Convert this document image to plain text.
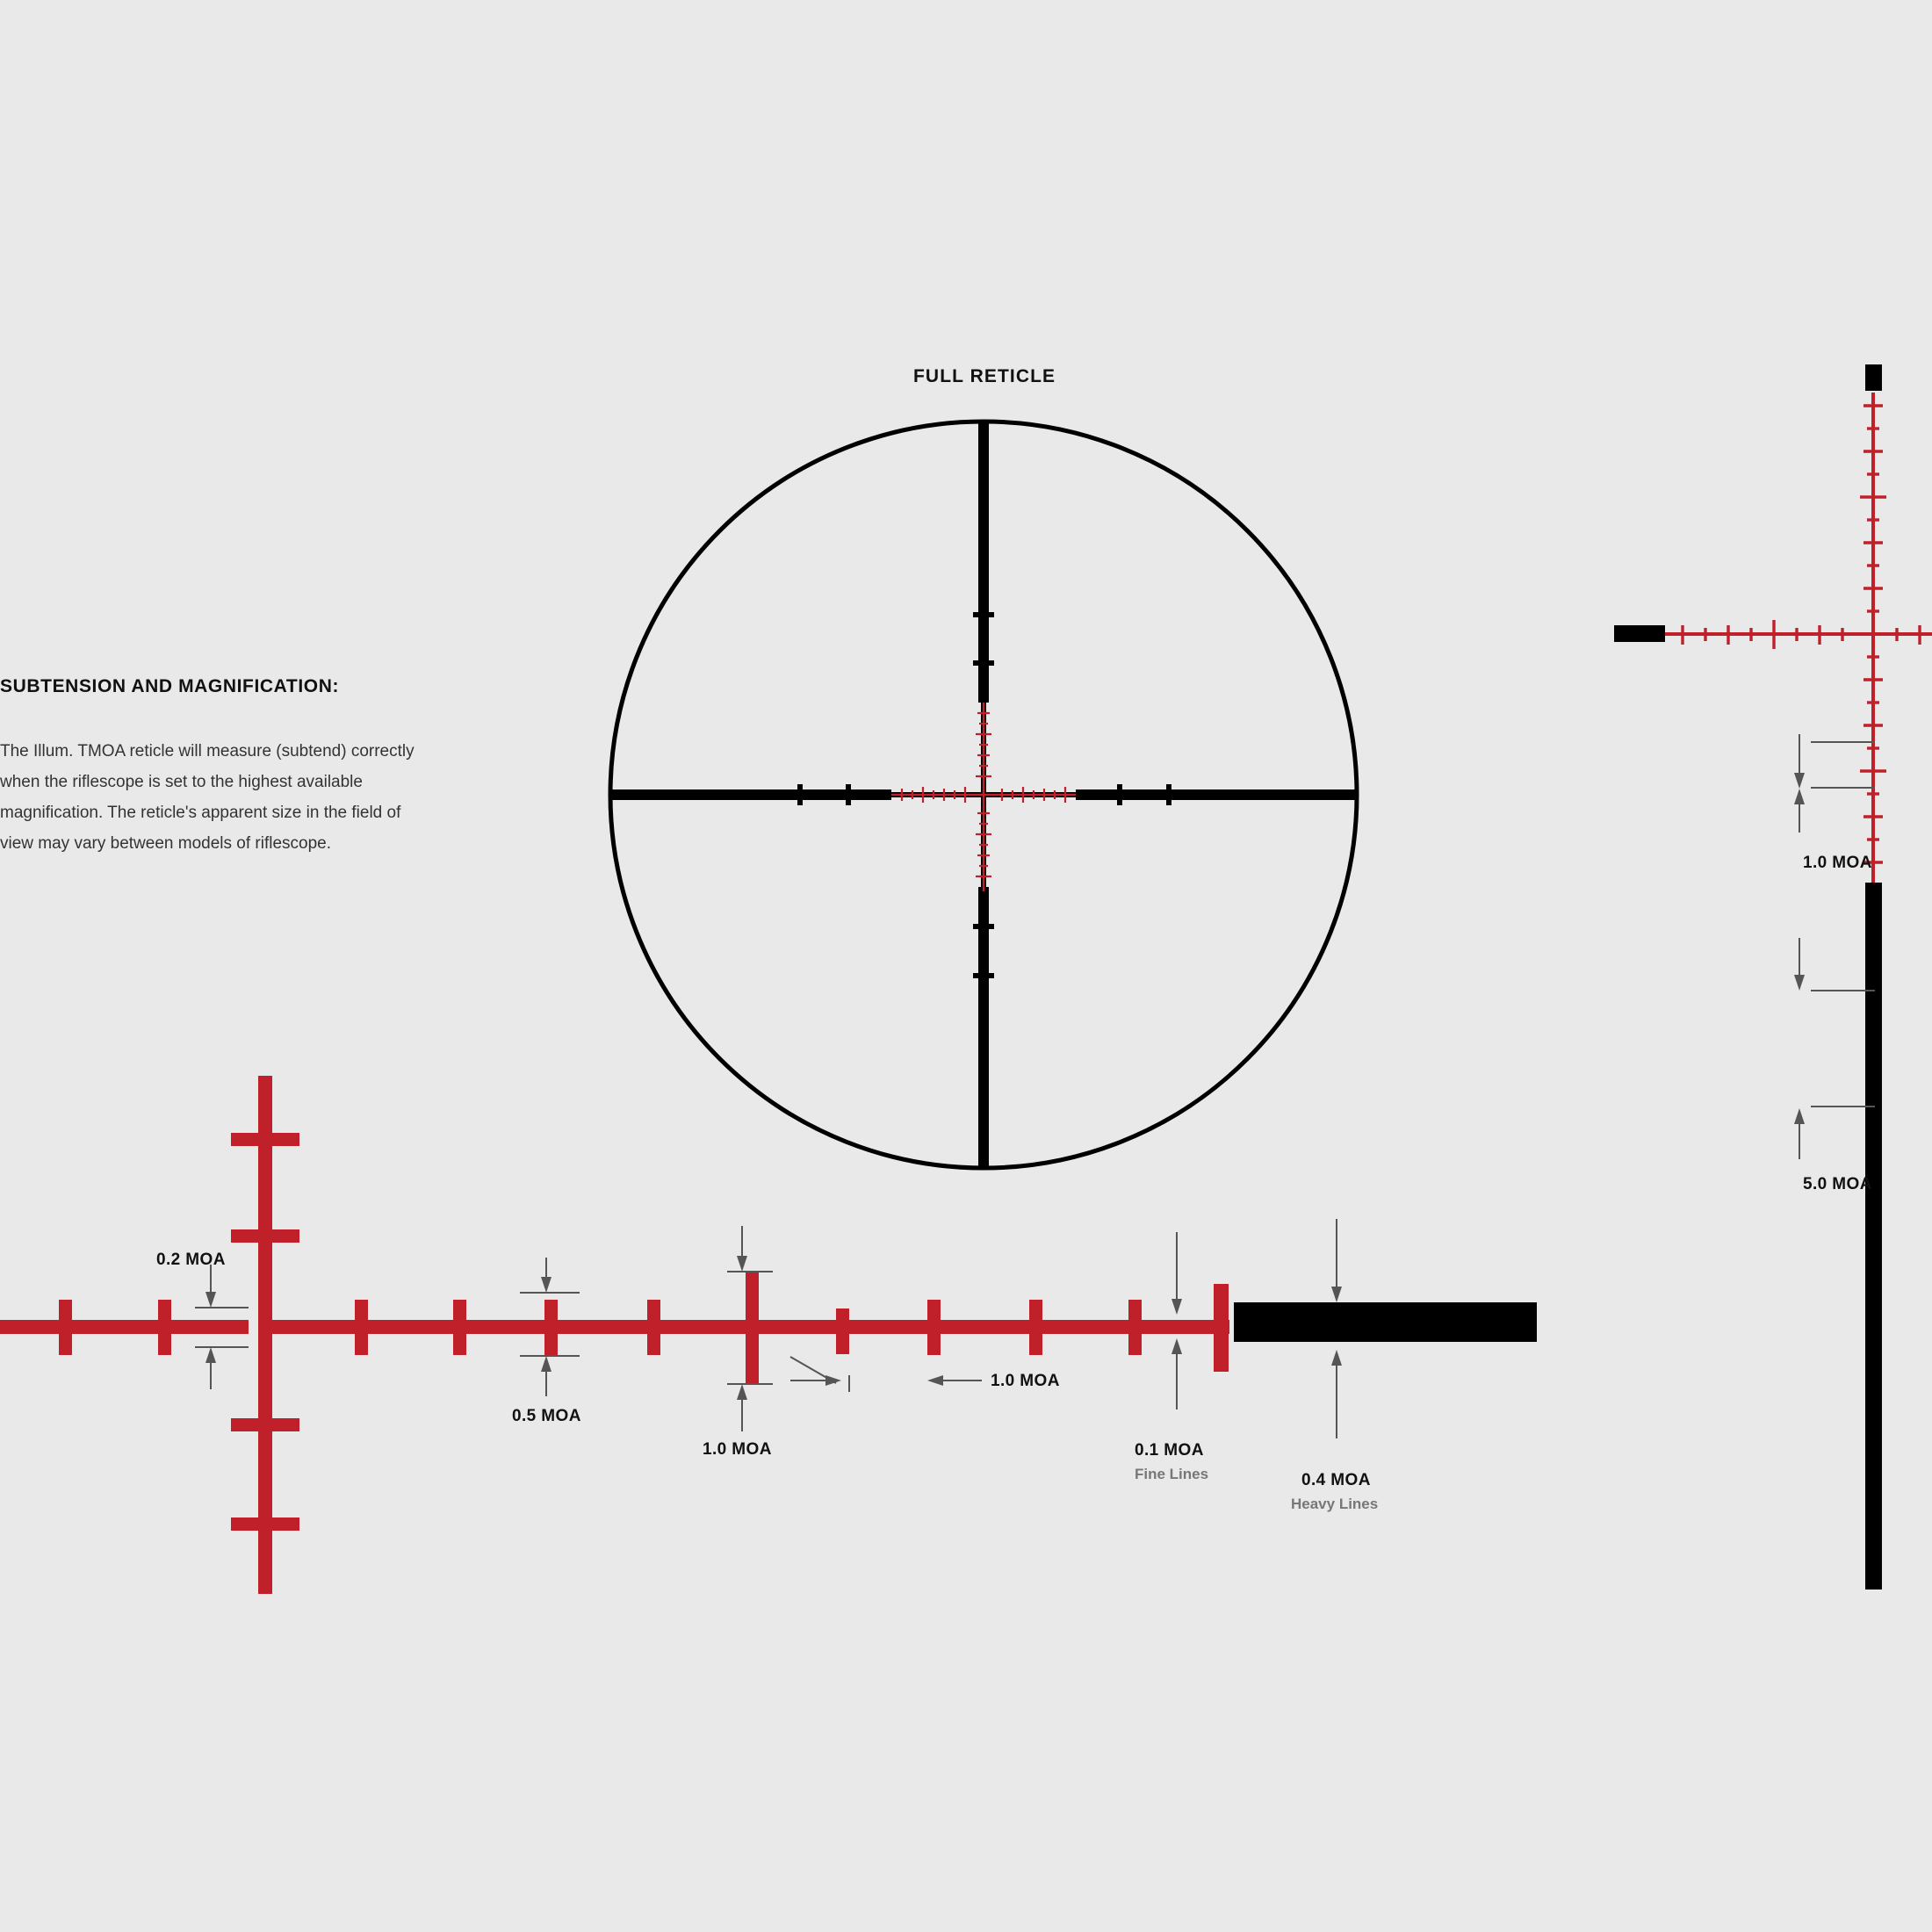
SUBTENSION AND MAGNIFICATION:
The Illum. TMOA reticle will measure (subtend) correctly when the riflescope is set to the highest available magnification. The reticle's apparent size in the field of view may vary between models of riflescope.
FULL RETICLE
0.2 MOA
0.5 MOA
1.0 MOA
1.0 MOA
0.1 MOA
Fine Lines	0.4 MOA
Heavy Lines
1.0 MOA
5.0 MOA
